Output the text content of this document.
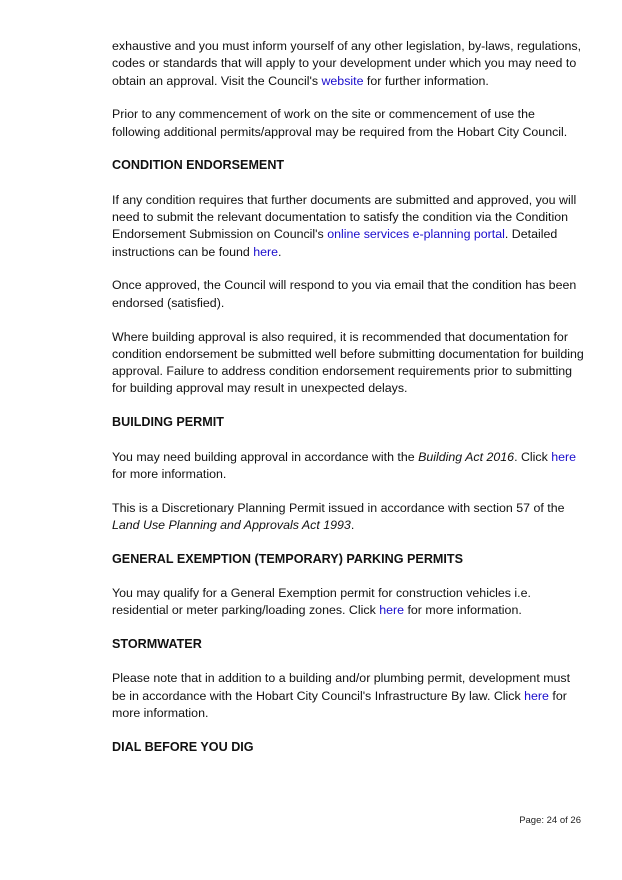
exhaustive and you must inform yourself of any other legislation, by-laws, regulations, codes or standards that will apply to your development under which you may need to obtain an approval. Visit the Council's website for further information.

Prior to any commencement of work on the site or commencement of use the following additional permits/approval may be required from the Hobart City Council.

CONDITION ENDORSEMENT

If any condition requires that further documents are submitted and approved, you will need to submit the relevant documentation to satisfy the condition via the Condition Endorsement Submission on Council's online services e-planning portal. Detailed instructions can be found here.

Once approved, the Council will respond to you via email that the condition has been endorsed (satisfied).

Where building approval is also required, it is recommended that documentation for condition endorsement be submitted well before submitting documentation for building approval. Failure to address condition endorsement requirements prior to submitting for building approval may result in unexpected delays.

BUILDING PERMIT

You may need building approval in accordance with the Building Act 2016. Click here for more information.

This is a Discretionary Planning Permit issued in accordance with section 57 of the Land Use Planning and Approvals Act 1993.

GENERAL EXEMPTION (TEMPORARY) PARKING PERMITS

You may qualify for a General Exemption permit for construction vehicles i.e. residential or meter parking/loading zones. Click here for more information.

STORMWATER

Please note that in addition to a building and/or plumbing permit, development must be in accordance with the Hobart City Council's Infrastructure By law. Click here for more information.

DIAL BEFORE YOU DIG
Page: 24 of 26
